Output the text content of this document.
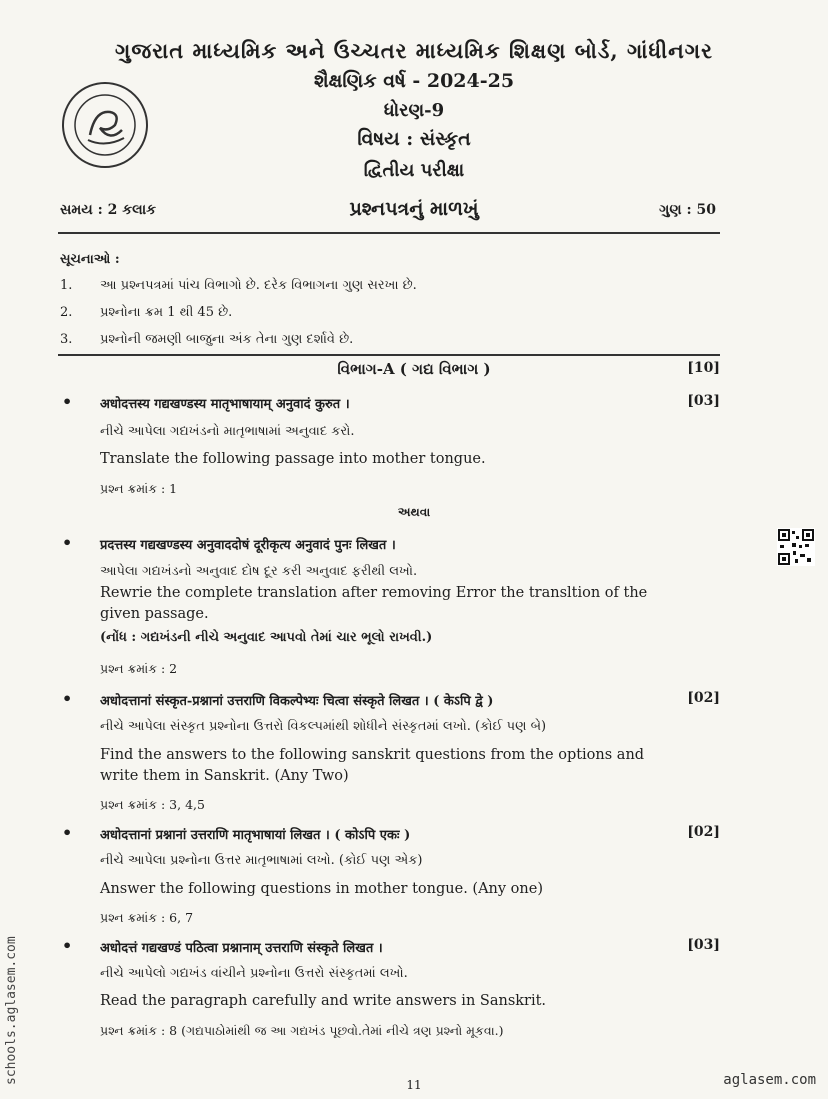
ગુજરાત માધ્યમિક અને ઉચ્ચતર માધ્યમિક શિક્ષણ બોર્ડ, ગાંધીનગર
શૈક્ષણિક વર્ષ - 2024-25
ધોરણ-9
વિષય : સંસ્કૃત
દ્વિતીય પરીક્ષા
સમય : 2 કલાક	પ્રશ્નપત્રનું માળખું	ગુણ : 50
સૂચનાઓ :
1. આ પ્રશ્નપત્રમાં પાંચ વિભાગો છે. દરેક વિભાગના ગુણ સરખા છે.
2. પ્રશ્નોના ક્રમ 1 થી 45 છે.
3. પ્રશ્નોની જમણી બાજુના અંક તેના ગુણ દર્શાવે છે.
વિભાગ-A ( ગદ્ય વિભાગ )	[10]
• अधोदत्तस्य गद्यखण्डस्य मातृभाषायाम् अनुवादं कुरुत ।	[03]
નીચે આપેલા ગદ્યખંડનો માતૃભાષામાં અનુવાદ કરો.
Translate the following passage into mother tongue.
પ્રશ્ન ક્રમાંક : 1
અથવા
• प्रदत्तस्य गद्यखण्डस्य अनुवाददोषं दूरीकृत्य अनुवादं पुनः लिखत ।
આપેલા ગદ્યખંડનો અનુવાદ દોષ દૂર કરી અનુવાદ ફરીથી લખો.
Rewrie the complete translation after removing Error the transltion of the
given passage.
(નોંધ : ગદ્યખંડની નીચે અનુવાદ આપવો તેમાં ચાર ભૂલો રાખવી.)
પ્રશ્ન ક્રમાંક : 2
• अधोदत्तानां संस्कृत-प्रश्नानां उत्तराणि विकल्पेभ्यः चित्वा संस्कृते लिखत । ( केऽपि द्वे )	[02]
નીચે આપેલા સંસ્કૃત પ્રશ્નોના ઉત્તરો વિકલ્પમાંથી શોધીને સંસ્કૃતમાં લખો. (કોઈ પણ બે)
Find the answers to the following sanskrit questions from the options and
write them in Sanskrit. (Any Two)
પ્રશ્ન ક્રમાંક : 3, 4,5
• अधोदत्तानां प्रश्नानां उत्तराणि मातृभाषायां लिखत । ( कोऽपि एकः )	[02]
નીચે આપેલા પ્રશ્નોના ઉત્તર માતૃભાષામાં લખો. (કોઈ પણ એક)
Answer the following questions in mother tongue. (Any one)
પ્રશ્ન ક્રમાંક : 6, 7
• अधोदत्तं गद्यखण्डं पठित्वा प्रश्नानाम् उत्तराणि संस्कृते लिखत ।	[03]
નીચે આપેલો ગદ્યખંડ વાંચીને પ્રશ્નોના ઉત્તરો સંસ્કૃતમાં લખો.
Read the paragraph carefully and write answers in Sanskrit.
પ્રશ્ન ક્રમાંક : 8 (ગદ્યપાઠોમાંથી જ આ ગદ્યખંડ પૂછવો.તેમાં નીચે ત્રણ પ્રશ્નો મૂકવા.)
11	aglasem.com
schools.aglasem.com
